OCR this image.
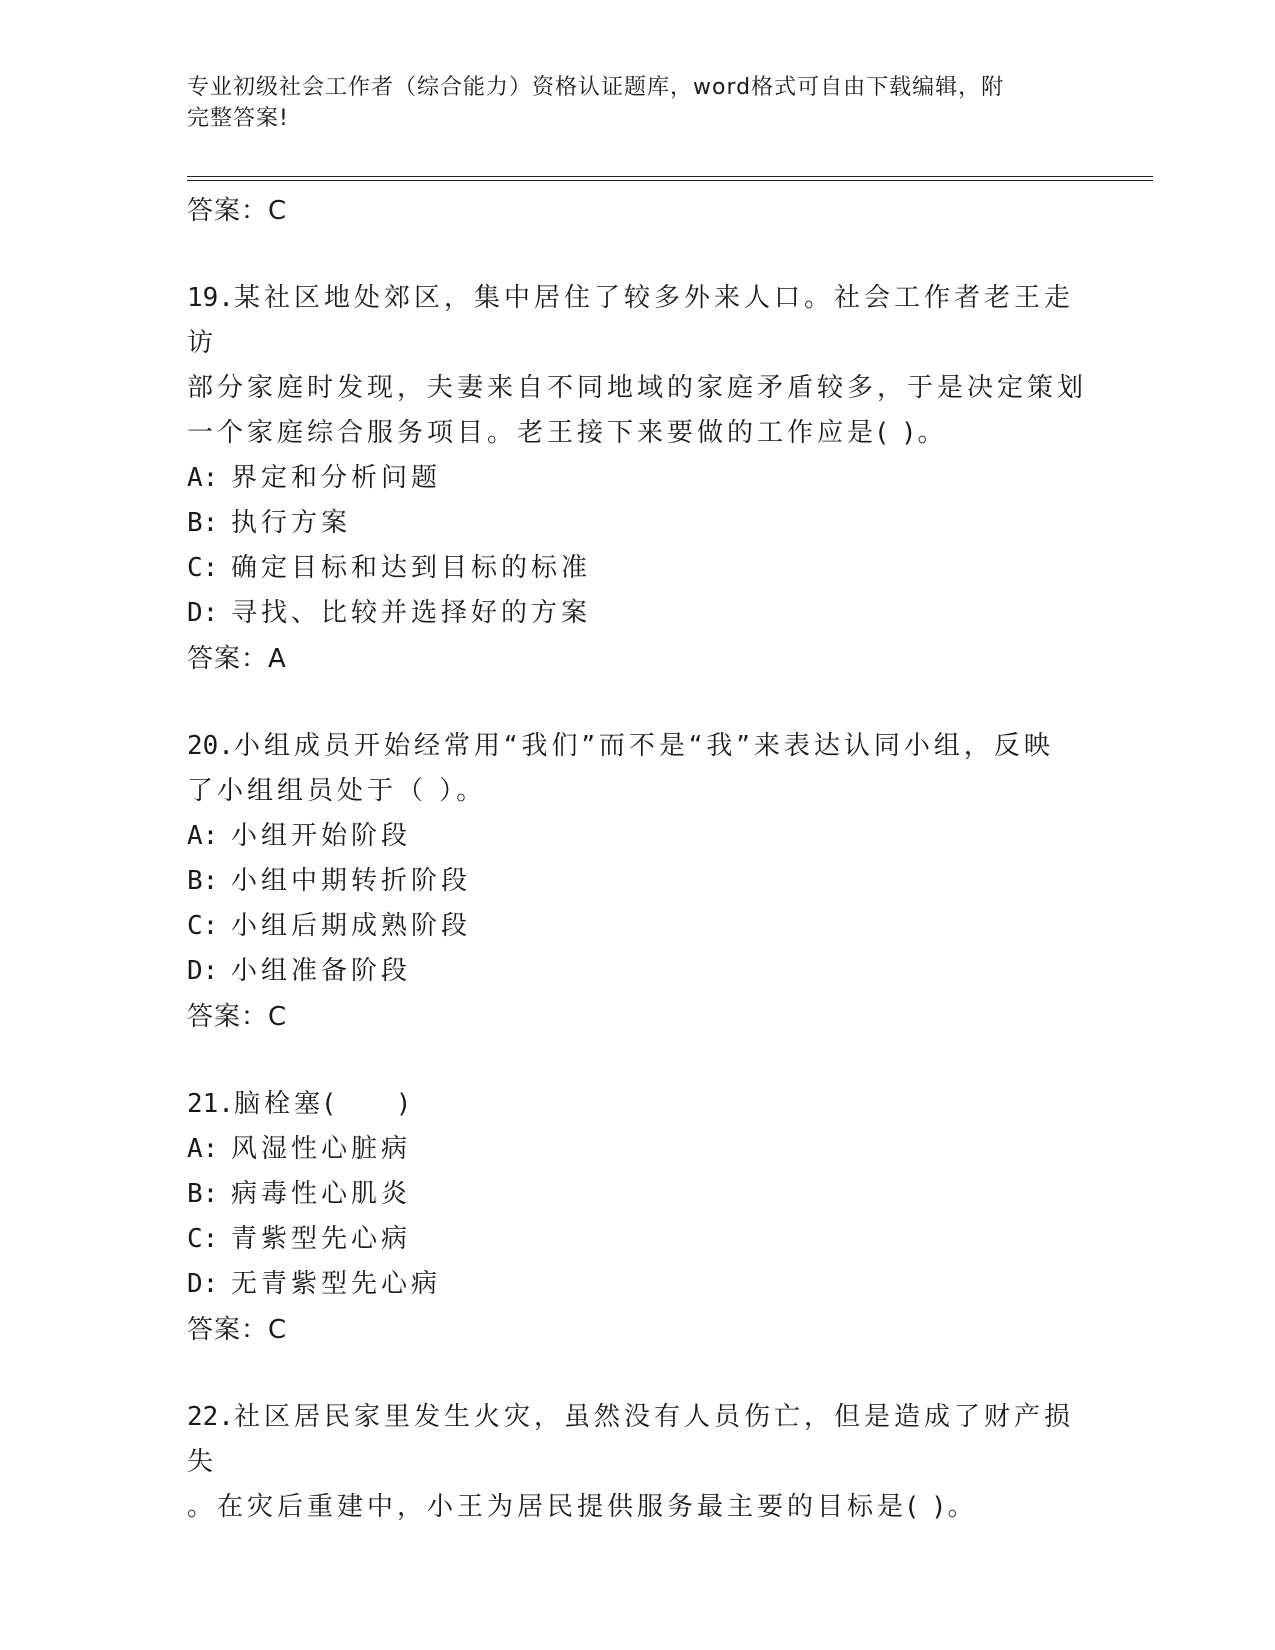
专业初级社会工作者（综合能力）资格认证题库，word格式可自由下载编辑，附
完整答案!
答案：C
19.某社区地处郊区，集中居住了较多外来人口。社会工作者老王走访
部分家庭时发现，夫妻来自不同地域的家庭矛盾较多，于是决定策划
一个家庭综合服务项目。老王接下来要做的工作应是( )。
A: 界定和分析问题
B: 执行方案
C: 确定目标和达到目标的标准
D: 寻找、比较并选择好的方案
答案：A
20.小组成员开始经常用“我们”而不是“我”来表达认同小组，反映
了小组组员处于（ ）。
A: 小组开始阶段
B: 小组中期转折阶段
C: 小组后期成熟阶段
D: 小组准备阶段
答案：C
21.脑栓塞(　　)
A: 风湿性心脏病
B: 病毒性心肌炎
C: 青紫型先心病
D: 无青紫型先心病
答案：C
22.社区居民家里发生火灾，虽然没有人员伤亡，但是造成了财产损失
。在灾后重建中，小王为居民提供服务最主要的目标是( )。
